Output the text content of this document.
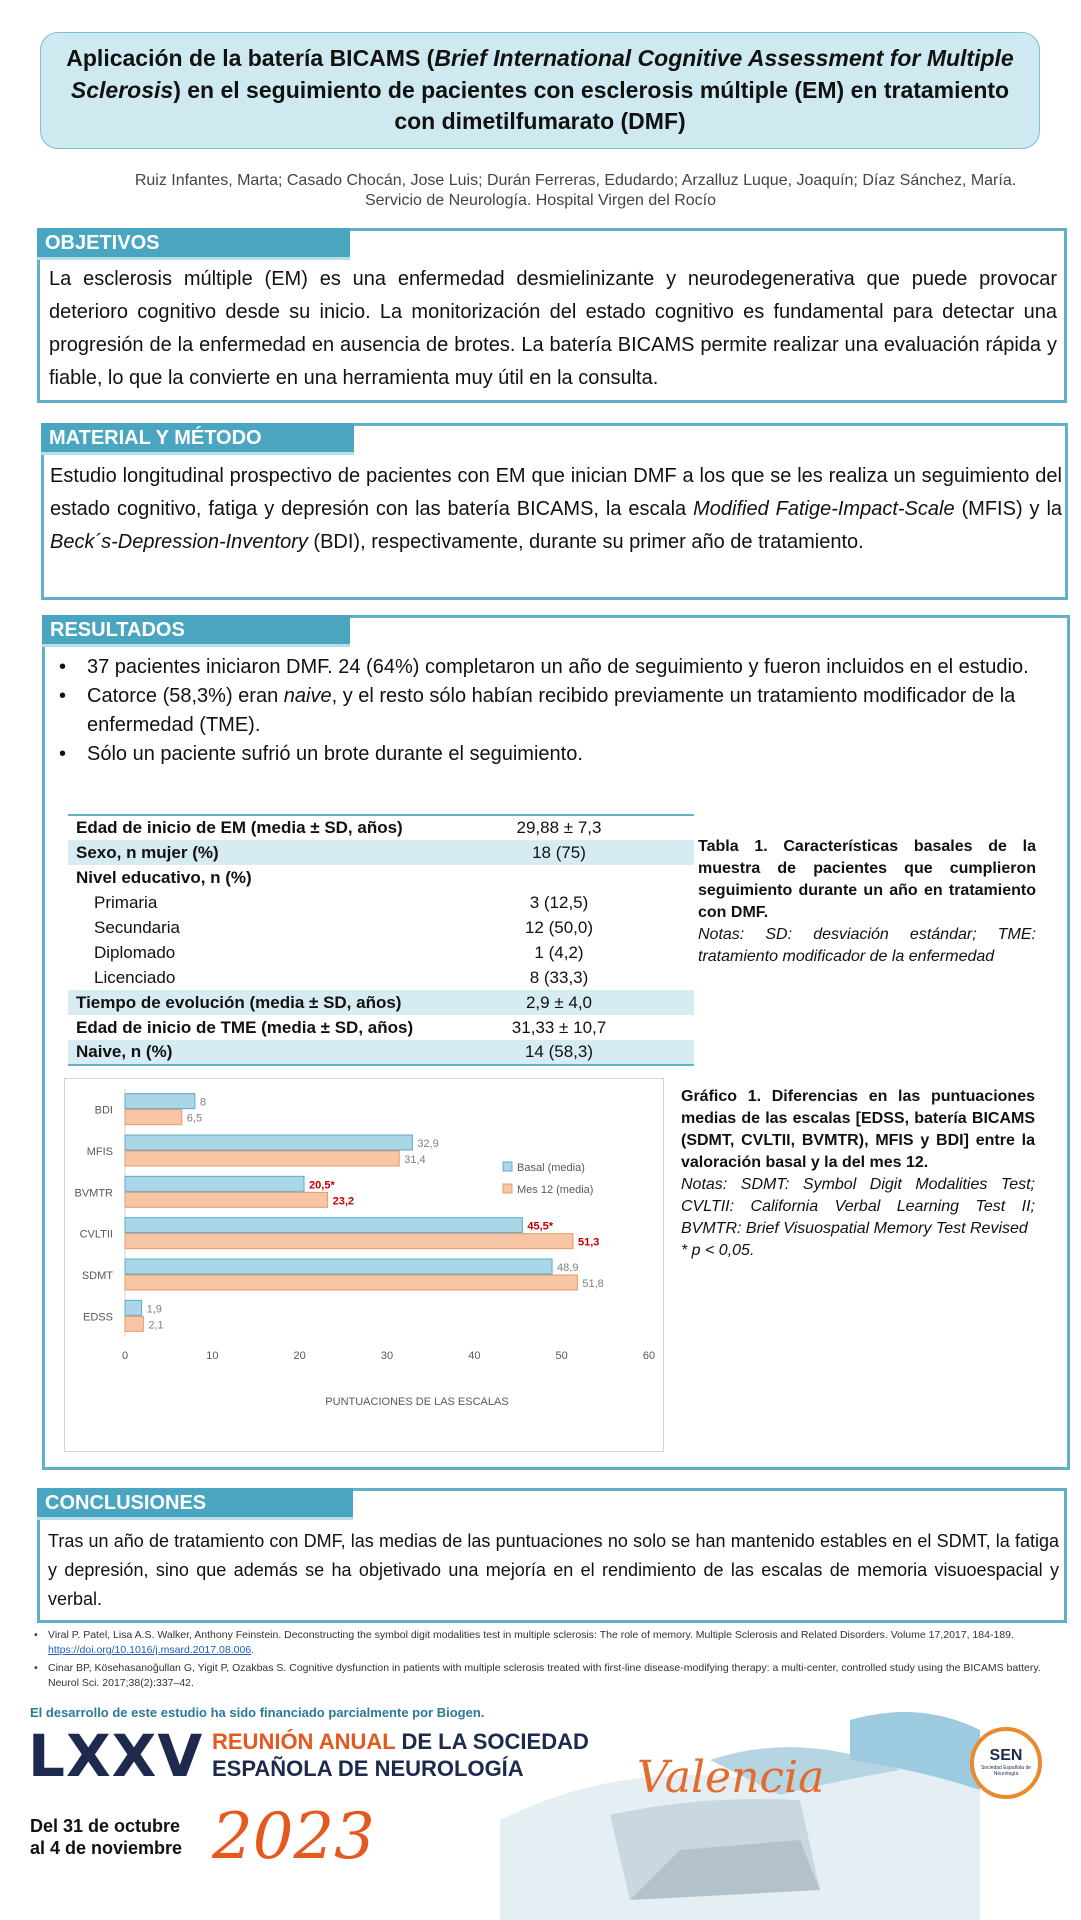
Aplicación de la batería BICAMS (Brief International Cognitive Assessment for Multiple Sclerosis) en el seguimiento de pacientes con esclerosis múltiple (EM) en tratamiento con dimetilfumarato (DMF)
Ruiz Infantes, Marta; Casado Chocán, Jose Luis; Durán Ferreras, Edudardo; Arzalluz Luque, Joaquín; Díaz Sánchez, María.
Servicio de Neurología. Hospital Virgen del Rocío
OBJETIVOS
La esclerosis múltiple (EM) es una enfermedad desmielinizante y neurodegenerativa que puede provocar deterioro cognitivo desde su inicio. La monitorización del estado cognitivo es fundamental para detectar una progresión de la enfermedad en ausencia de brotes. La batería BICAMS permite realizar una evaluación rápida y fiable, lo que la convierte en una herramienta muy útil en la consulta.
MATERIAL Y MÉTODO
Estudio longitudinal prospectivo de pacientes con EM que inician DMF a los que se les realiza un seguimiento del estado cognitivo, fatiga y depresión con las batería BICAMS, la escala Modified Fatige-Impact-Scale (MFIS) y la Beck´s-Depression-Inventory (BDI), respectivamente, durante su primer año de tratamiento.
RESULTADOS
• 37 pacientes iniciaron DMF. 24 (64%) completaron un año de seguimiento y fueron incluidos en el estudio.
• Catorce (58,3%) eran naive, y el resto sólo habían recibido previamente un tratamiento modificador de la enfermedad (TME).
• Sólo un paciente sufrió un brote durante el seguimiento.
Edad de inicio de EM (media ± SD, años)	29,88 ± 7,3
Sexo, n mujer (%)	18 (75)
Nivel educativo, n (%)	
Primaria	3 (12,5)
Secundaria	12 (50,0)
Diplomado	1 (4,2)
Licenciado	8 (33,3)
Tiempo de evolución (media ± SD, años)	2,9 ± 4,0
Edad de inicio de TME (media ± SD, años)	31,33 ± 10,7
Naive, n (%)	14 (58,3)
Tabla 1. Características basales de la muestra de pacientes que cumplieron seguimiento durante un año en tratamiento con DMF.
Notas: SD: desviación estándar; TME: tratamiento modificador de la enfermedad
0	10	20	30	40	50	60
PUNTUACIONES DE LAS ESCALAS
BDI
8
6,5
MFIS
32,9
31,4
BVMTR
20,5*
23,2
CVLTII
45,5*
51,3
SDMT
48,9
51,8
EDSS
1,9
2,1
Basal (media)
Mes 12 (media)
Gráfico 1. Diferencias en las puntuaciones medias de las escalas [EDSS, batería BICAMS (SDMT, CVLTII, BVMTR), MFIS y BDI] entre la valoración basal y la del mes 12.
Notas: SDMT: Symbol Digit Modalities Test; CVLTII: California Verbal Learning Test II; BVMTR: Brief Visuospatial Memory Test Revised
* p < 0,05.
CONCLUSIONES
Tras un año de tratamiento con DMF, las medias de las puntuaciones no solo se han mantenido estables en el SDMT, la fatiga y depresión, sino que además se ha objetivado una mejoría en el rendimiento de las escalas de memoria visuoespacial y verbal.
• Viral P. Patel, Lisa A.S. Walker, Anthony Feinstein. Deconstructing the symbol digit modalities test in multiple sclerosis: The role of memory. Multiple Sclerosis and Related Disorders. Volume 17,2017, 184-189. https://doi.org/10.1016/j.msard.2017.08.006.
• Cinar BP, Kösehasanoğullan G, Yigit P, Ozakbas S. Cognitive dysfunction in patients with multiple sclerosis treated with first-line disease-modifying therapy: a multi-center, controlled study using the BICAMS battery. Neurol Sci. 2017;38(2):337–42.
El desarrollo de este estudio ha sido financiado parcialmente por Biogen.
LXXV REUNIÓN ANUAL DE LA SOCIEDAD
ESPAÑOLA DE NEUROLOGÍA	Valencia
Del 31 de octubre
al 4 de noviembre 2023
SEN
Sociedad Española de Neurología
